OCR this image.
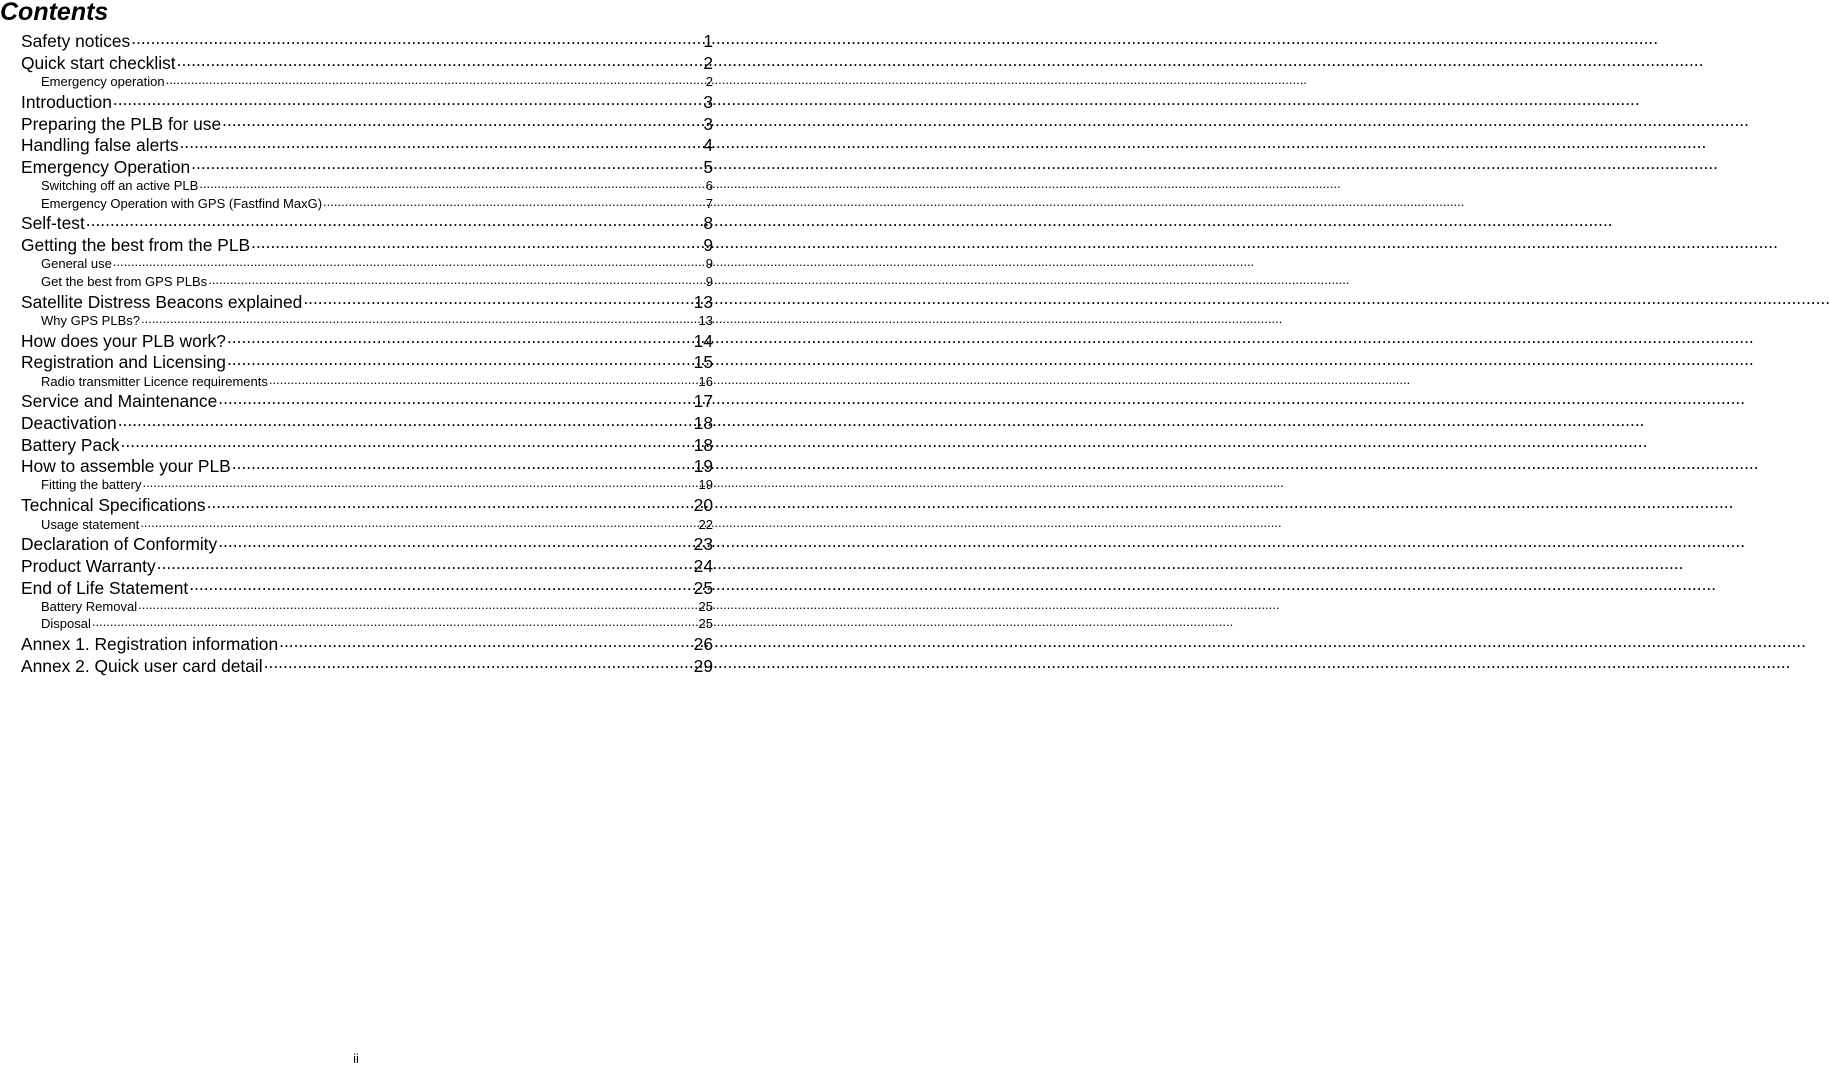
Contents
Safety notices .....	1
Quick start checklist .....	2
Emergency operation .....	2
Introduction .....	3
Preparing the PLB for use .....	3
Handling false alerts .....	4
Emergency Operation .....	5
Switching off an active PLB .....	6
Emergency Operation with GPS (Fastfind MaxG) .....	7
Self-test .....	8
Getting the best from the PLB .....	9
General use .....	9
Get the best from GPS PLBs .....	9
Satellite Distress Beacons explained .....	13
Why GPS PLBs? .....	13
How does your PLB work? .....	14
Registration and Licensing .....	15
Radio transmitter Licence requirements .....	16
Service and Maintenance .....	17
Deactivation .....	18
Battery Pack .....	18
How to assemble your PLB .....	19
Fitting the battery .....	19
Technical Specifications .....	20
Usage statement .....	22
Declaration of Conformity .....	23
Product Warranty .....	24
End of Life Statement .....	25
Battery Removal .....	25
Disposal .....	25
Annex 1. Registration information .....	26
Annex 2. Quick user card detail .....	29
ii
